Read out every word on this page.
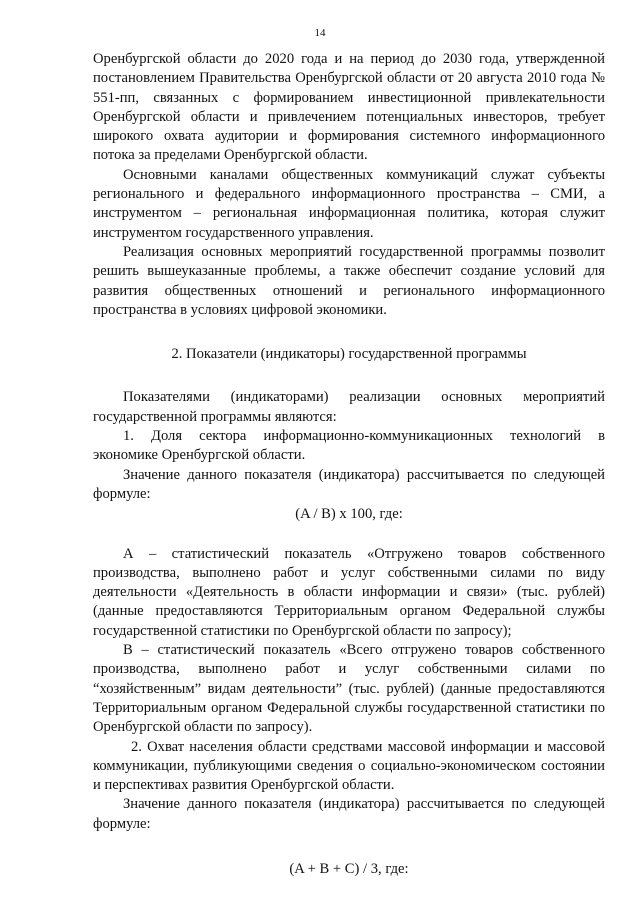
14

Оренбургской области до 2020 года и на период до 2030 года, утвержденной постановлением Правительства Оренбургской области от 20 августа 2010 года № 551-пп, связанных с формированием инвестиционной привлекательности Оренбургской области и привлечением потенциальных инвесторов, требует широкого охвата аудитории и формирования системного информационного потока за пределами Оренбургской области.

Основными каналами общественных коммуникаций служат субъекты регионального и федерального информационного пространства – СМИ, а инструментом – региональная информационная политика, которая служит инструментом государственного управления.

Реализация основных мероприятий государственной программы позволит решить вышеуказанные проблемы, а также обеспечит создание условий для развития общественных отношений и регионального информационного пространства в условиях цифровой экономики.

2. Показатели (индикаторы) государственной программы

Показателями (индикаторами) реализации основных мероприятий государственной программы являются:

1. Доля сектора информационно-коммуникационных технологий в экономике Оренбургской области.

Значение данного показателя (индикатора) рассчитывается по следующей формуле:

(A / B) x 100, где:

А – статистический показатель «Отгружено товаров собственного производства, выполнено работ и услуг собственными силами по виду деятельности «Деятельность в области информации и связи» (тыс. рублей) (данные предоставляются Территориальным органом Федеральной службы государственной статистики по Оренбургской области по запросу);

В – статистический показатель «Всего отгружено товаров собственного производства, выполнено работ и услуг собственными силами по “хозяйственным” видам деятельности” (тыс. рублей) (данные предоставляются Территориальным органом Федеральной службы государственной статистики по Оренбургской области по запросу).

2. Охват населения области средствами массовой информации и массовой коммуникации, публикующими сведения о социально-экономическом состоянии и перспективах развития Оренбургской области.

Значение данного показателя (индикатора) рассчитывается по следующей формуле:

(A + B + C) / 3, где:
